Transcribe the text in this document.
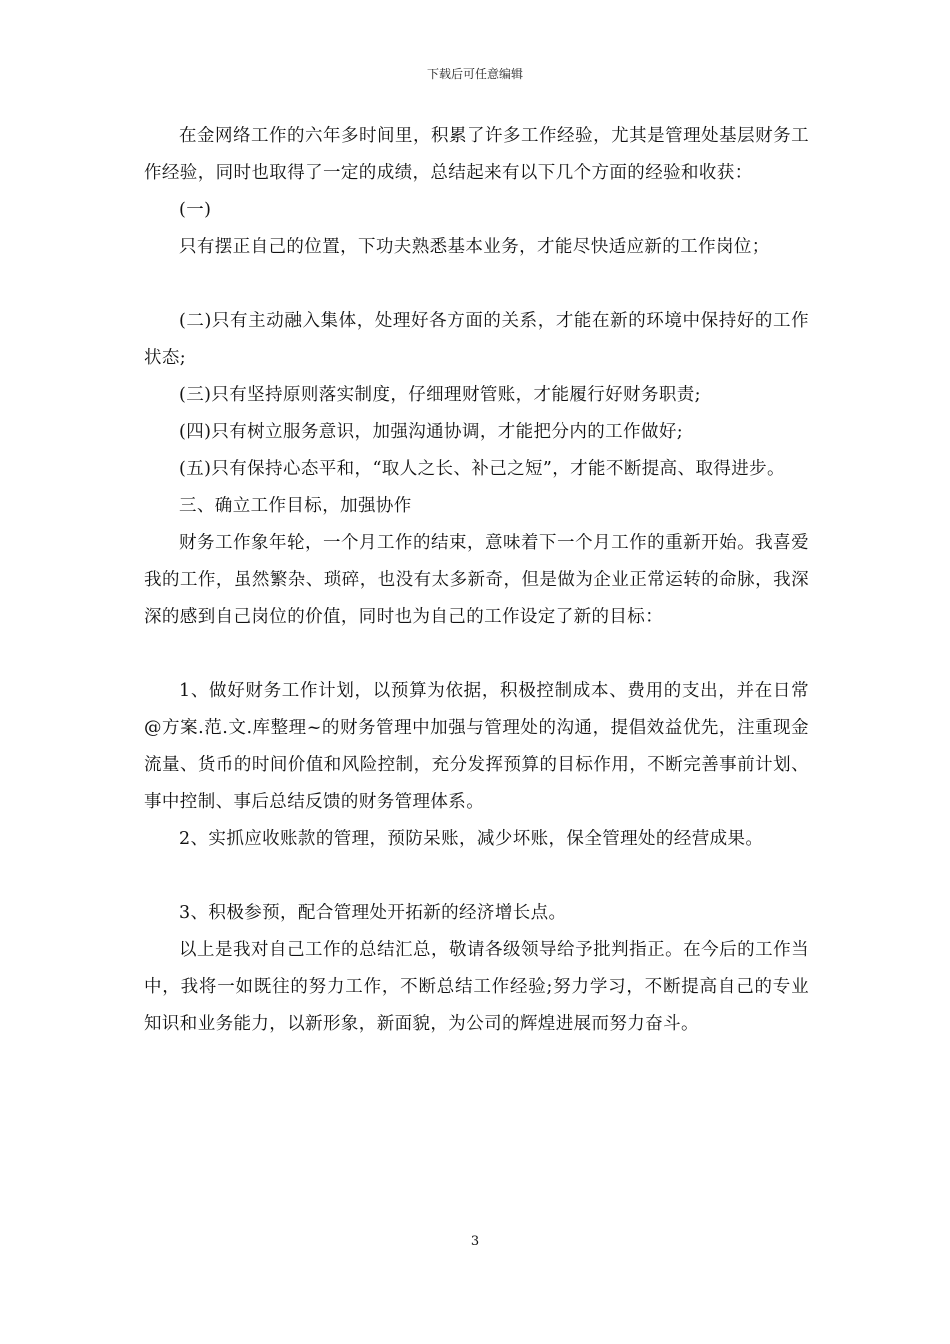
下载后可任意编辑

在金网络工作的六年多时间里，积累了许多工作经验，尤其是管理处基层财务工作经验，同时也取得了一定的成绩，总结起来有以下几个方面的经验和收获：

(一)

只有摆正自己的位置，下功夫熟悉基本业务，才能尽快适应新的工作岗位；

(二)只有主动融入集体，处理好各方面的关系，才能在新的环境中保持好的工作状态;

(三)只有坚持原则落实制度，仔细理财管账，才能履行好财务职责;

(四)只有树立服务意识，加强沟通协调，才能把分内的工作做好;

(五)只有保持心态平和，“取人之长、补己之短”，才能不断提高、取得进步。

三、确立工作目标，加强协作

财务工作象年轮，一个月工作的结束，意味着下一个月工作的重新开始。我喜爱我的工作，虽然繁杂、琐碎，也没有太多新奇，但是做为企业正常运转的命脉，我深深的感到自己岗位的价值，同时也为自己的工作设定了新的目标：

1、做好财务工作计划，以预算为依据，积极控制成本、费用的支出，并在日常@方案.范.文.库整理~的财务管理中加强与管理处的沟通，提倡效益优先，注重现金流量、货币的时间价值和风险控制，充分发挥预算的目标作用，不断完善事前计划、事中控制、事后总结反馈的财务管理体系。

2、实抓应收账款的管理，预防呆账，减少坏账，保全管理处的经营成果。

3、积极参预，配合管理处开拓新的经济增长点。

以上是我对自己工作的总结汇总，敬请各级领导给予批判指正。在今后的工作当中，我将一如既往的努力工作，不断总结工作经验;努力学习，不断提高自己的专业知识和业务能力，以新形象，新面貌，为公司的辉煌进展而努力奋斗。

3
